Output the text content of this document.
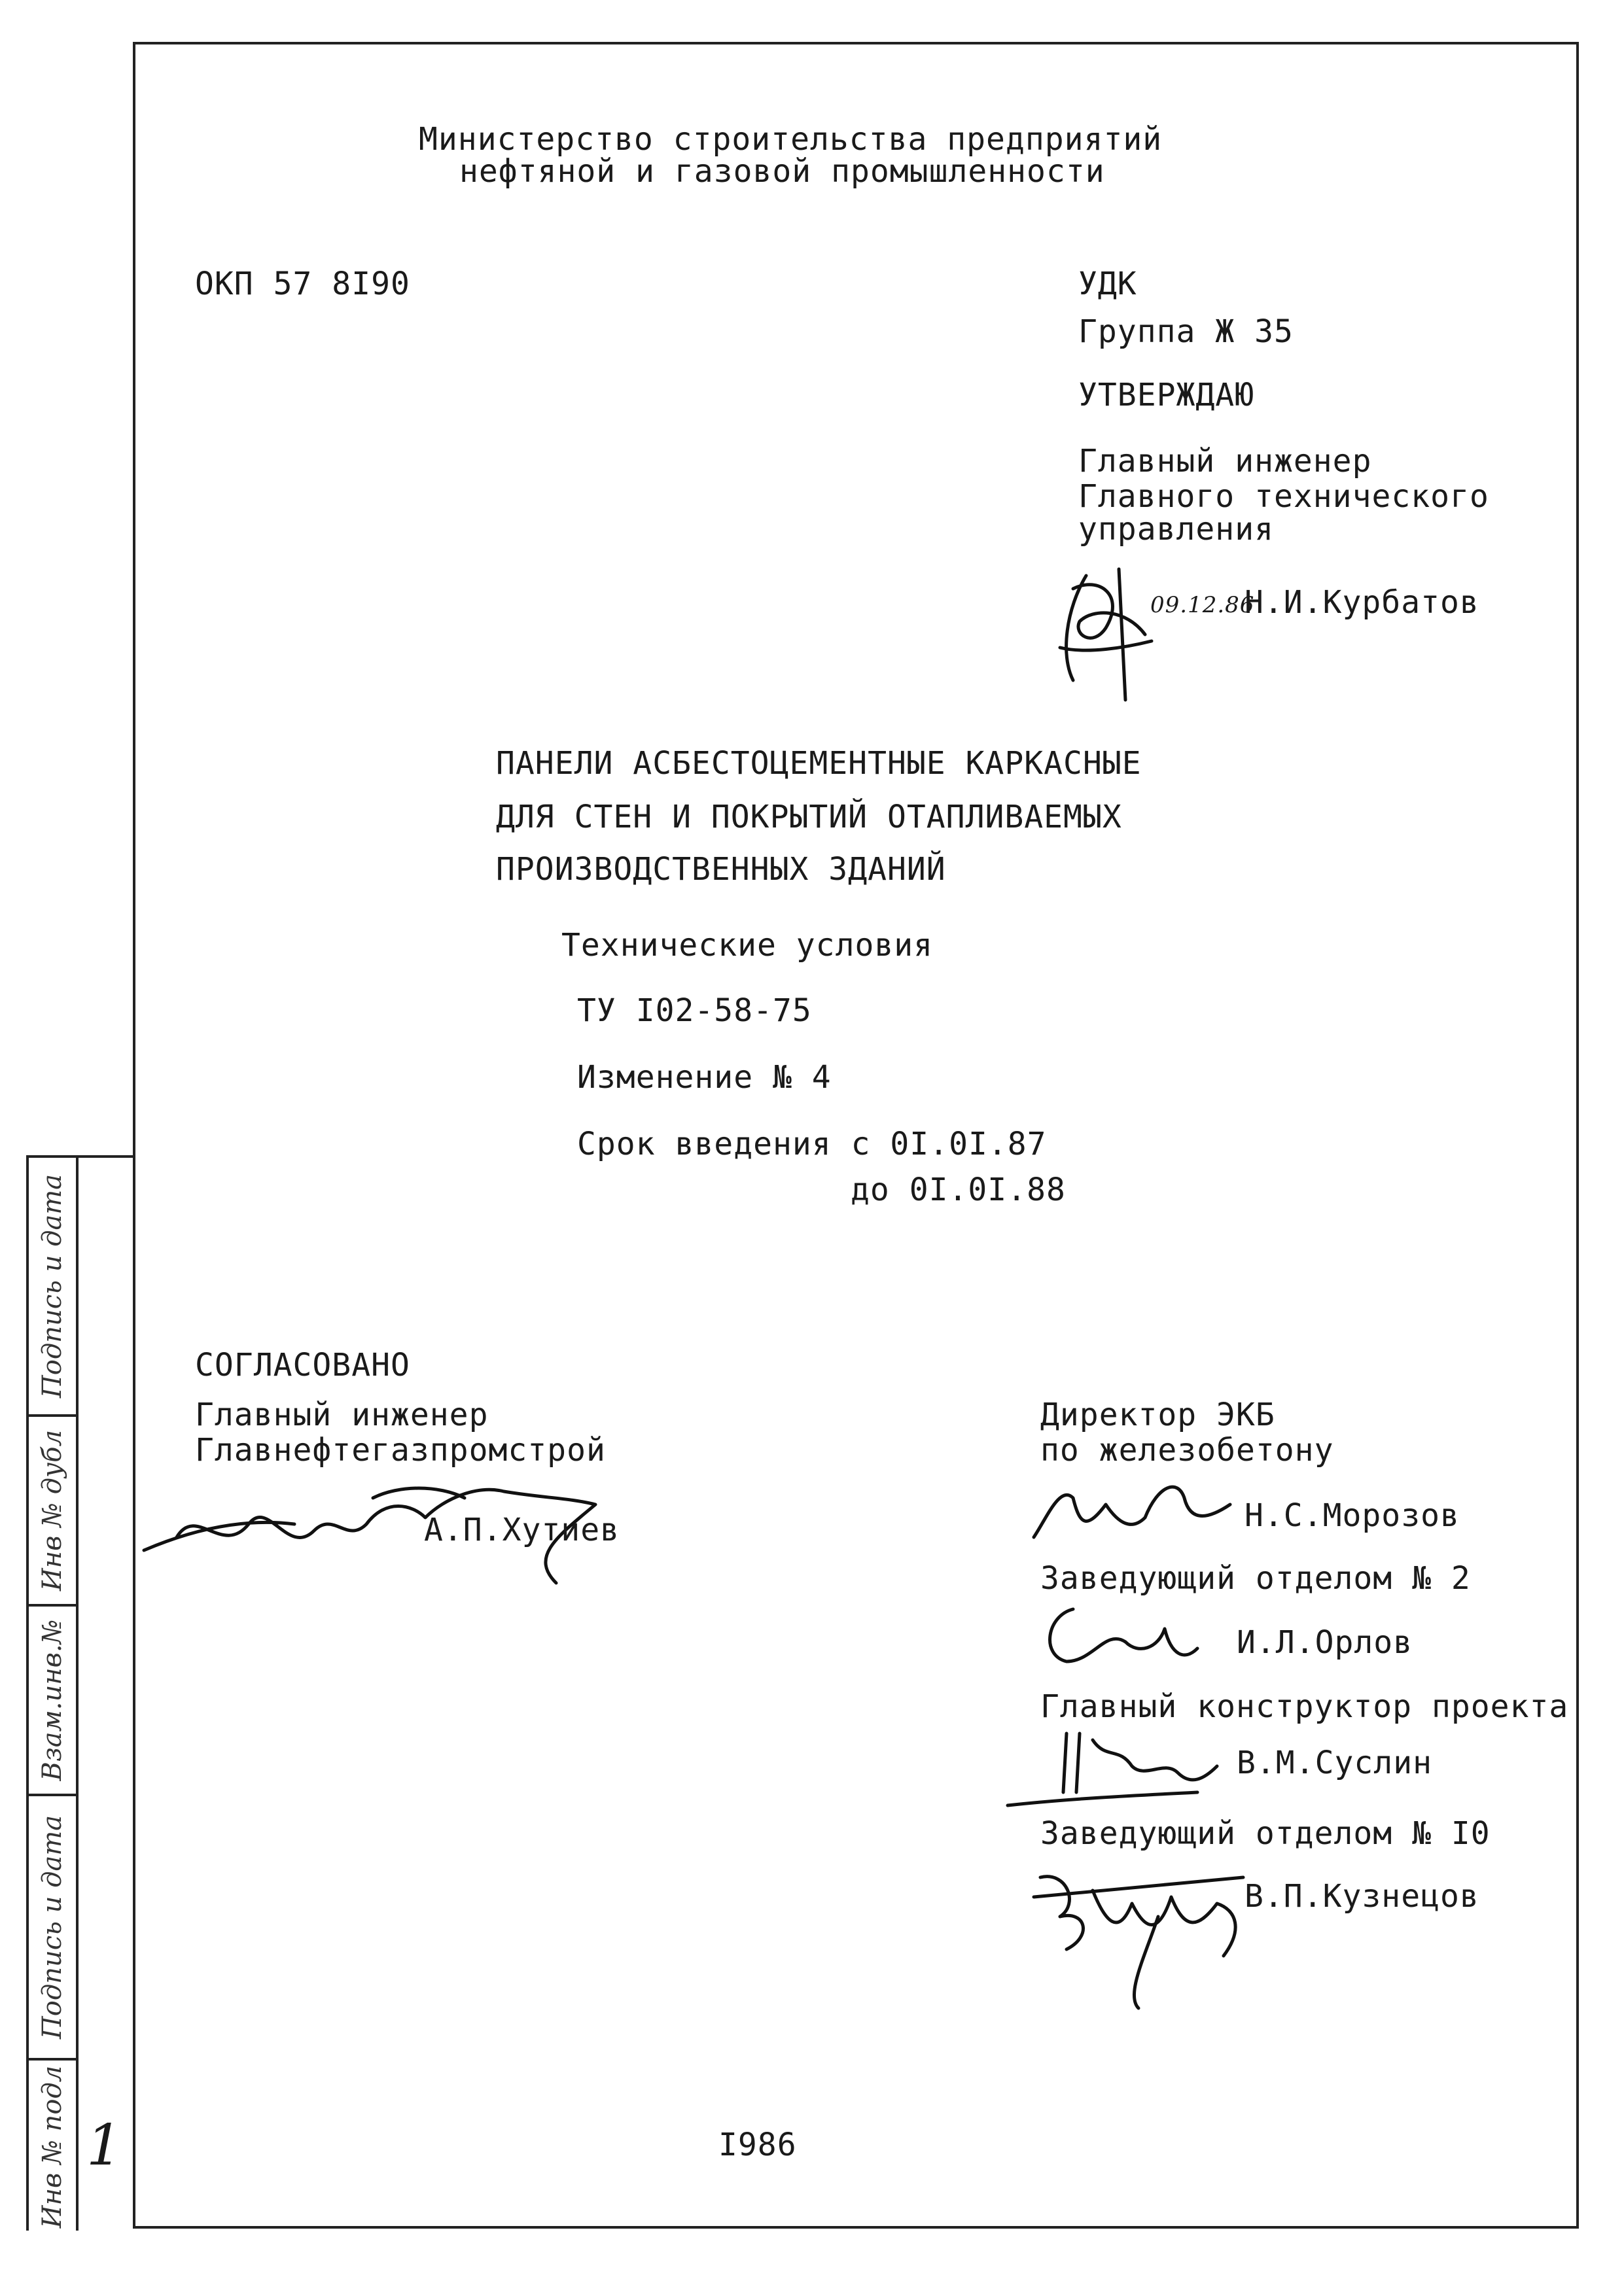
Подпись и дата
Инв № дубл
Взам.инв.№
Подпись и дата
Инв № подл 1
Министерство строительства предприятий
нефтяной и газовой промышленности
ОКП 57 8I90	УДК
Группа Ж 35
УТВЕРЖДАЮ
Главный инженер
Главного технического
управления
09.12.86
Н.И.Курбатов
ПАНЕЛИ АСБЕСТОЦЕМЕНТНЫЕ КАРКАСНЫЕ
ДЛЯ СТЕН И ПОКРЫТИЙ ОТАПЛИВАЕМЫХ
ПРОИЗВОДСТВЕННЫХ ЗДАНИЙ
Технические условия
ТУ I02-58-75
Изменение № 4
Срок введения с 0I.0I.87
до 0I.0I.88
СОГЛАСОВАНО
Главный инженер
Главнефтегазпромстрой
А.П.Хутиев
Директор ЭКБ
по железобетону
Н.С.Морозов
Заведующий отделом № 2
И.Л.Орлов
Главный конструктор проекта
В.М.Суслин
Заведующий отделом № I0
В.П.Кузнецов
I986
